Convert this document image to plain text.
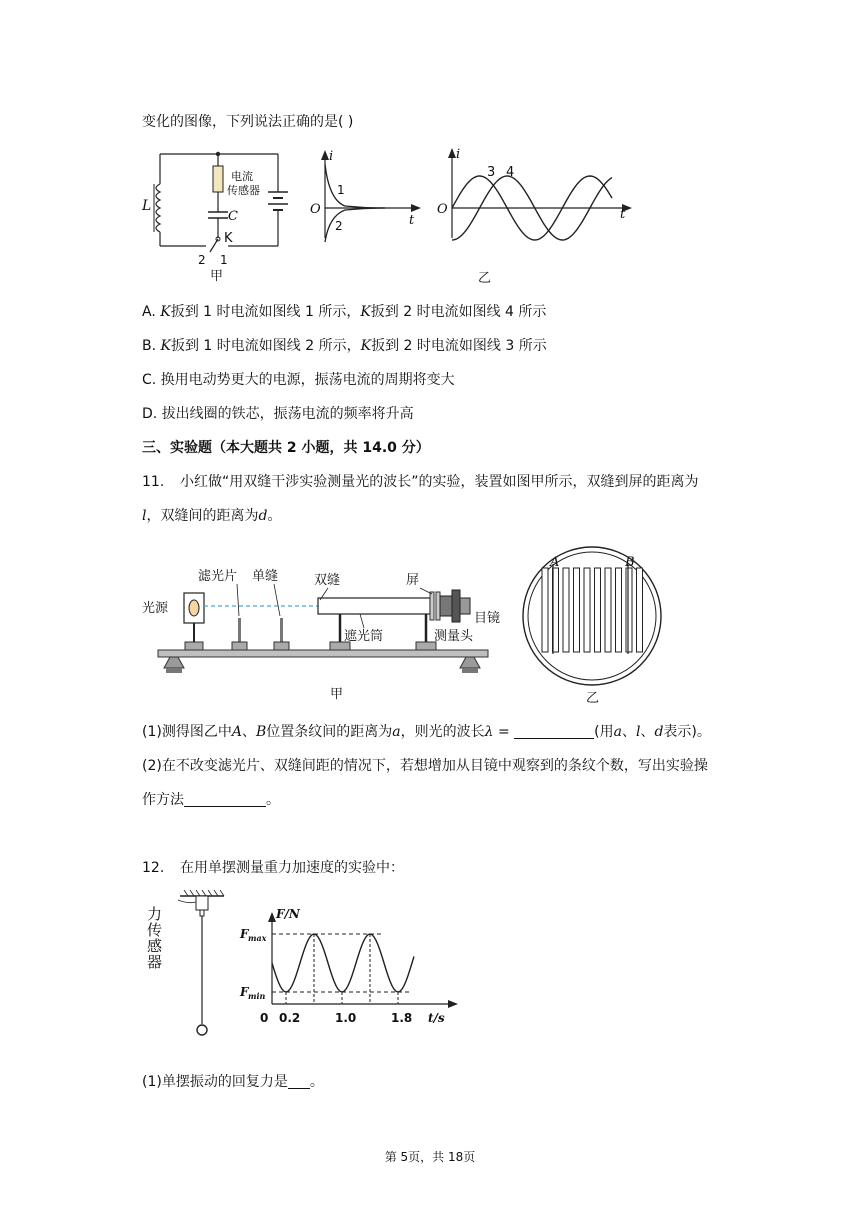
变化的图像，下列说法正确的是( )
L
电流
传感器
C
K
2 1
甲
i
O
t
1
2
i
O	t
3 4
乙
A. K扳到 1 时电流如图线 1 所示，K扳到 2 时电流如图线 4 所示
B. K扳到 1 时电流如图线 2 所示，K扳到 2 时电流如图线 3 所示
C. 换用电动势更大的电源，振荡电流的周期将变大
D. 拔出线圈的铁芯，振荡电流的频率将升高
三、实验题（本大题共 2 小题，共 14.0 分）
11. 小红做“用双缝干涉实验测量光的波长”的实验，装置如图甲所示，双缝到屏的距离为
l，双缝间的距离为d。
光源
滤光片 单缝	双缝	屏
目镜
遮光筒	测量头
甲
A	B
乙
(1)测得图乙中A、B位置条纹间的距离为a，则光的波长λ =	(用a、l、d表示)。
(2)在不改变滤光片、双缝间距的情况下，若想增加从目镜中观察到的条纹个数，写出实验操
作方法	。
12. 在用单摆测量重力加速度的实验中：
力传感器
F/N
F max
F min
0 0.2	1.0	1.8 t/s
(1)单摆振动的回复力是 。
第 5页，共 18页
